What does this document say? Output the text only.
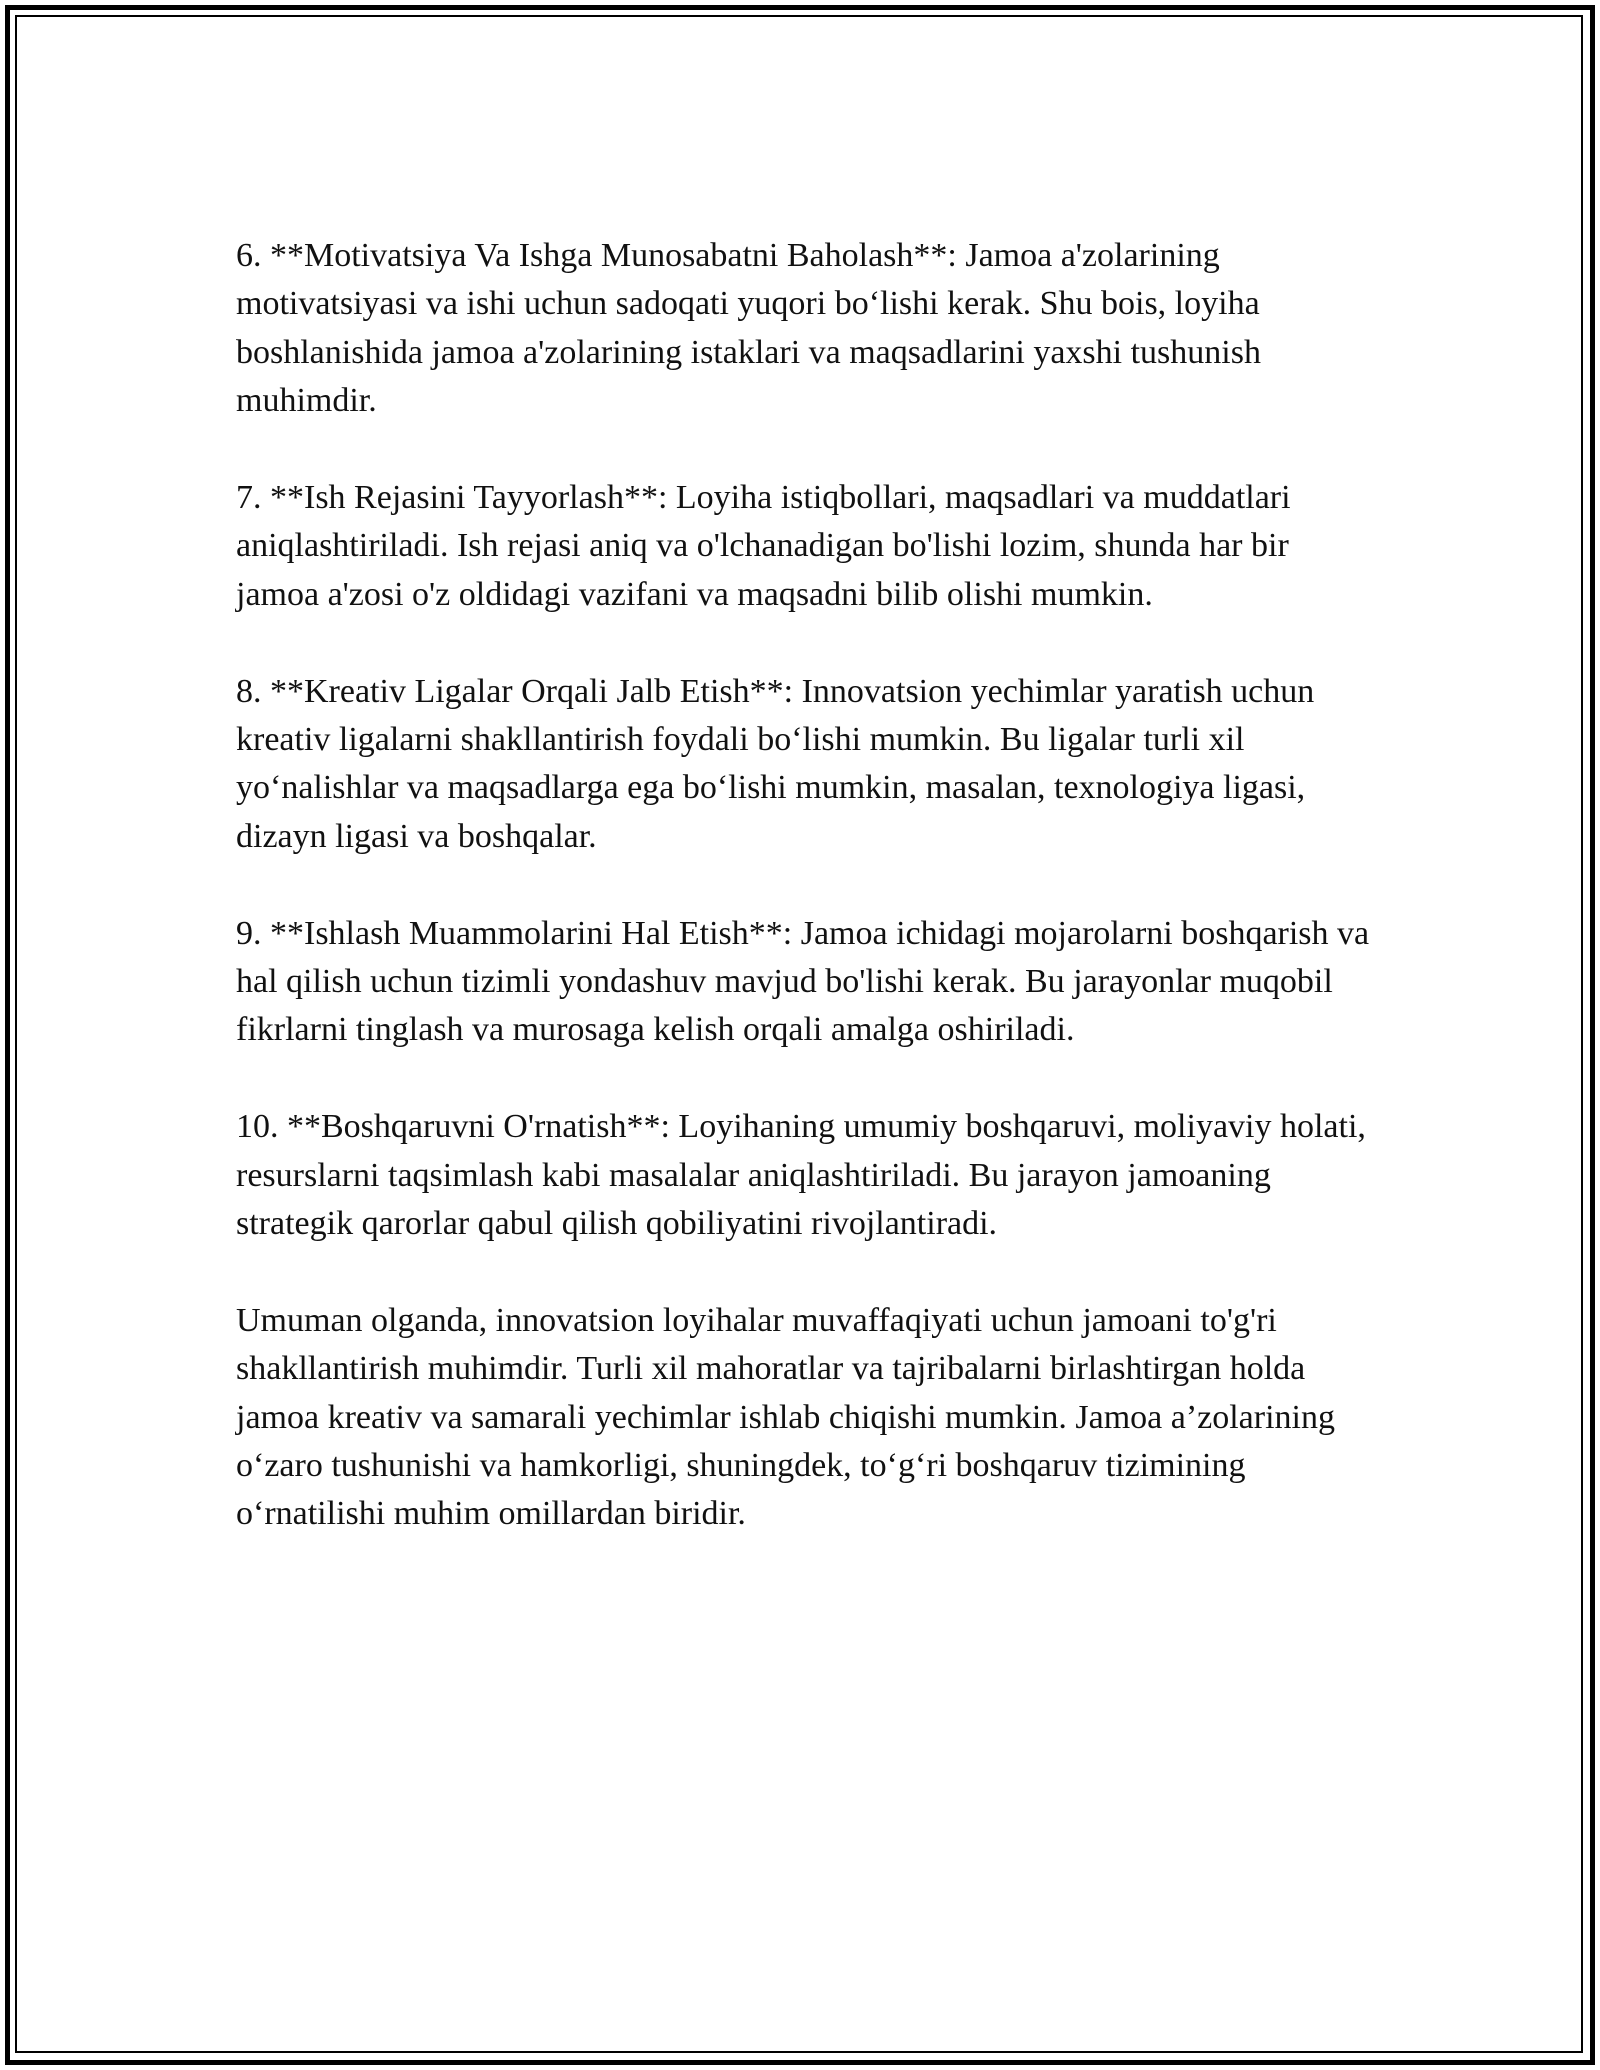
6. **Motivatsiya Va Ishga Munosabatni Baholash**: Jamoa a'zolarining motivatsiyasi va ishi uchun sadoqati yuqori bo‘lishi kerak. Shu bois, loyiha boshlanishida jamoa a'zolarining istaklari va maqsadlarini yaxshi tushunish muhimdir.

7. **Ish Rejasini Tayyorlash**: Loyiha istiqbollari, maqsadlari va muddatlari aniqlashtiriladi. Ish rejasi aniq va o'lchanadigan bo'lishi lozim, shunda har bir jamoa a'zosi o'z oldidagi vazifani va maqsadni bilib olishi mumkin.

8. **Kreativ Ligalar Orqali Jalb Etish**: Innovatsion yechimlar yaratish uchun kreativ ligalarni shakllantirish foydali bo‘lishi mumkin. Bu ligalar turli xil yo‘nalishlar va maqsadlarga ega bo‘lishi mumkin, masalan, texnologiya ligasi, dizayn ligasi va boshqalar.

9. **Ishlash Muammolarini Hal Etish**: Jamoa ichidagi mojarolarni boshqarish va hal qilish uchun tizimli yondashuv mavjud bo'lishi kerak. Bu jarayonlar muqobil fikrlarni tinglash va murosaga kelish orqali amalga oshiriladi.

10. **Boshqaruvni O'rnatish**: Loyihaning umumiy boshqaruvi, moliyaviy holati, resurslarni taqsimlash kabi masalalar aniqlashtiriladi. Bu jarayon jamoaning strategik qarorlar qabul qilish qobiliyatini rivojlantiradi.

Umuman olganda, innovatsion loyihalar muvaffaqiyati uchun jamoani to'g'ri shakllantirish muhimdir. Turli xil mahoratlar va tajribalarni birlashtirgan holda jamoa kreativ va samarali yechimlar ishlab chiqishi mumkin. Jamoa a’zolarining o‘zaro tushunishi va hamkorligi, shuningdek, to‘g‘ri boshqaruv tizimining o‘rnatilishi muhim omillardan biridir.
